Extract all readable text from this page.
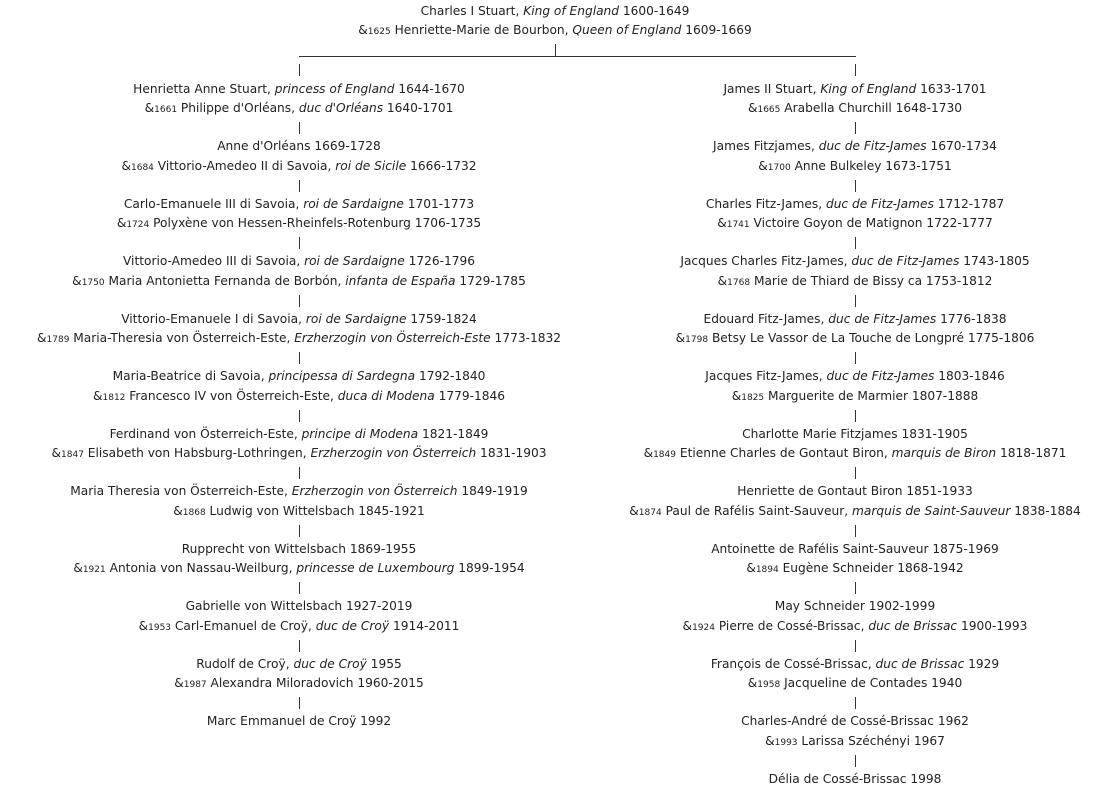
Charles I Stuart, King of England 1600-1649
&1625 Henriette-Marie de Bourbon, Queen of England 1609-1669
Henrietta Anne Stuart, princess of England 1644-1670
&1661 Philippe d'Orléans, duc d'Orléans 1640-1701
Anne d'Orléans 1669-1728
&1684 Vittorio-Amedeo II di Savoia, roi de Sicile 1666-1732
Carlo-Emanuele III di Savoia, roi de Sardaigne 1701-1773
&1724 Polyxène von Hessen-Rheinfels-Rotenburg 1706-1735
Vittorio-Amedeo III di Savoia, roi de Sardaigne 1726-1796
&1750 Maria Antonietta Fernanda de Borbón, infanta de España 1729-1785
Vittorio-Emanuele I di Savoia, roi de Sardaigne 1759-1824
&1789 Maria-Theresia von Österreich-Este, Erzherzogin von Österreich-Este 1773-1832
Maria-Beatrice di Savoia, principessa di Sardegna 1792-1840
&1812 Francesco IV von Österreich-Este, duca di Modena 1779-1846
Ferdinand von Österreich-Este, principe di Modena 1821-1849
&1847 Elisabeth von Habsburg-Lothringen, Erzherzogin von Österreich 1831-1903
Maria Theresia von Österreich-Este, Erzherzogin von Österreich 1849-1919
&1868 Ludwig von Wittelsbach 1845-1921
Rupprecht von Wittelsbach 1869-1955
&1921 Antonia von Nassau-Weilburg, princesse de Luxembourg 1899-1954
Gabrielle von Wittelsbach 1927-2019
&1953 Carl-Emanuel de Croÿ, duc de Croÿ 1914-2011
Rudolf de Croÿ, duc de Croÿ 1955
&1987 Alexandra Miloradovich 1960-2015
Marc Emmanuel de Croÿ 1992
James II Stuart, King of England 1633-1701
&1665 Arabella Churchill 1648-1730
James Fitzjames, duc de Fitz-James 1670-1734
&1700 Anne Bulkeley 1673-1751
Charles Fitz-James, duc de Fitz-James 1712-1787
&1741 Victoire Goyon de Matignon 1722-1777
Jacques Charles Fitz-James, duc de Fitz-James 1743-1805
&1768 Marie de Thiard de Bissy ca 1753-1812
Edouard Fitz-James, duc de Fitz-James 1776-1838
&1798 Betsy Le Vassor de La Touche de Longpré 1775-1806
Jacques Fitz-James, duc de Fitz-James 1803-1846
&1825 Marguerite de Marmier 1807-1888
Charlotte Marie Fitzjames 1831-1905
&1849 Etienne Charles de Gontaut Biron, marquis de Biron 1818-1871
Henriette de Gontaut Biron 1851-1933
&1874 Paul de Rafélis Saint-Sauveur, marquis de Saint-Sauveur 1838-1884
Antoinette de Rafélis Saint-Sauveur 1875-1969
&1894 Eugène Schneider 1868-1942
May Schneider 1902-1999
&1924 Pierre de Cossé-Brissac, duc de Brissac 1900-1993
François de Cossé-Brissac, duc de Brissac 1929
&1958 Jacqueline de Contades 1940
Charles-André de Cossé-Brissac 1962
&1993 Larissa Széchényi 1967
Délia de Cossé-Brissac 1998
